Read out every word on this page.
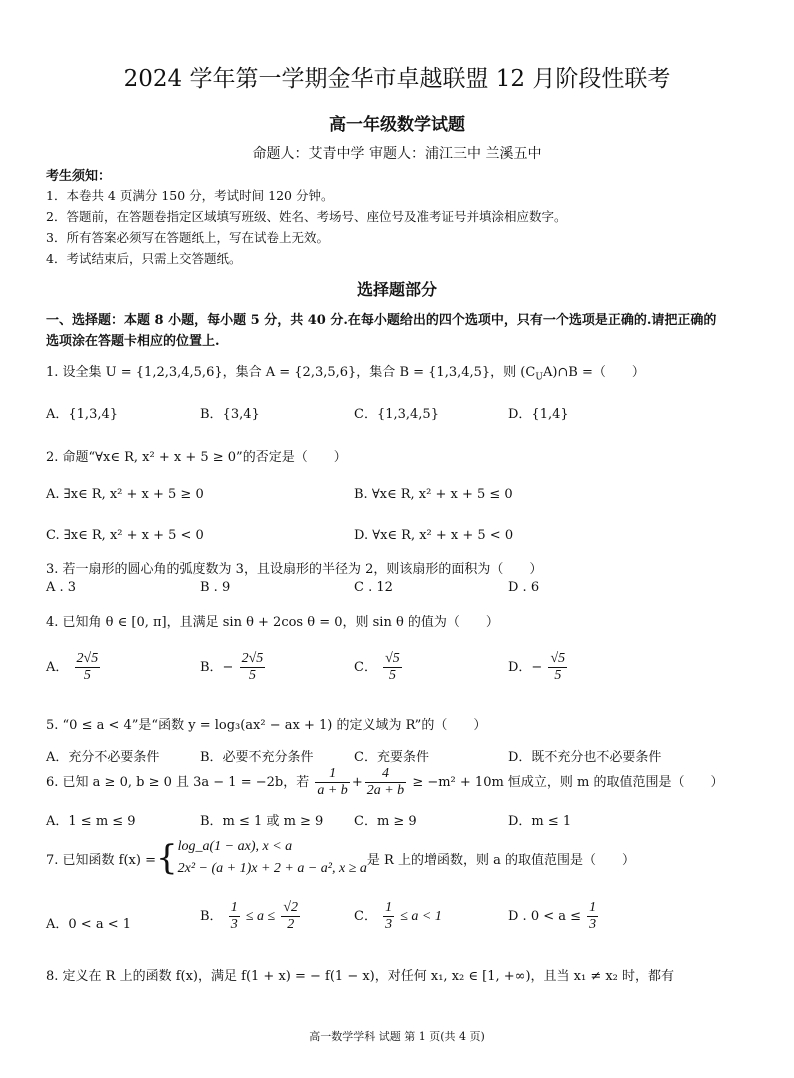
2024 学年第一学期金华市卓越联盟 12 月阶段性联考
高一年级数学试题
命题人：艾青中学 审题人：浦江三中 兰溪五中
考生须知：
1．本卷共 4 页满分 150 分，考试时间 120 分钟。
2．答题前，在答题卷指定区域填写班级、姓名、考场号、座位号及准考证号并填涂相应数字。
3．所有答案必须写在答题纸上，写在试卷上无效。
4．考试结束后，只需上交答题纸。
选择题部分
一、选择题：本题 8 小题，每小题 5 分，共 40 分.在每小题给出的四个选项中，只有一个选项是正确的.请把正确的
选项涂在答题卡相应的位置上.
1. 设全集 U = {1,2,3,4,5,6}，集合 A = {2,3,5,6}，集合 B = {1,3,4,5}，则 $(C_UA)\cap B$ =（　　）
A．{1,3,4}	B．{3,4}	C．{1,3,4,5}	D．{1,4}
2. 命题“∀x∈ R, x² + x + 5 ≥ 0”的否定是（　　）
A. ∃x∈ R, x² + x + 5 ≥ 0	B. ∀x∈ R, x² + x + 5 ≤ 0
C. ∃x∈ R, x² + x + 5 < 0	D. ∀x∈ R, x² + x + 5 < 0
3. 若一扇形的圆心角的弧度数为 3，且设扇形的半径为 2，则该扇形的面积为（　　）
A . 3	B . 9	C . 12	D . 6
4. 已知角 θ ∈ [0, π]，且满足 sin θ + 2cos θ = 0，则 sin θ 的值为（　　）
A． $\frac{2√5}{5}$	B．− $\frac{2√5}{5}$	C． $\frac{√5}{5}$	D．− $\frac{√5}{5}$
5. “0 ≤ a < 4”是“函数 y = log₃(ax² − ax + 1) 的定义域为 R”的（　　）
A．充分不必要条件	B．必要不充分条件	C．充要条件	D．既不充分也不必要条件
6. 已知 a ≥ 0, b ≥ 0 且 3a − 1 = −2b，若 $\frac{1}{a + b} + \frac{4}{2a + b} \ge -m^2 + 10m$ 恒成立，则 m 的取值范围是（　　）
A．1 ≤ m ≤ 9	B．m ≤ 1 或 m ≥ 9 C．m ≥ 9	D．m ≤ 1
7. 已知函数 f(x) = { log_a(1 − ax), x < a
2x² − (a + 1)x + 2 + a − a², x ≥ a
是 R 上的增函数，则 a 的取值范围是（　　）
A．0 < a < 1
B． $\frac{1}{3} \le a \le \frac{√2}{2}$	C． $\frac{1}{3} \le a < 1$	D . $0 < a \le \frac{1}{3}$
8. 定义在 R 上的函数 f(x)，满足 f(1 + x) = − f(1 − x)，对任何 x₁, x₂ ∈ [1, +∞)，且当 x₁ ≠ x₂ 时，都有
高一数学学科 试题 第 1 页(共 4 页)
